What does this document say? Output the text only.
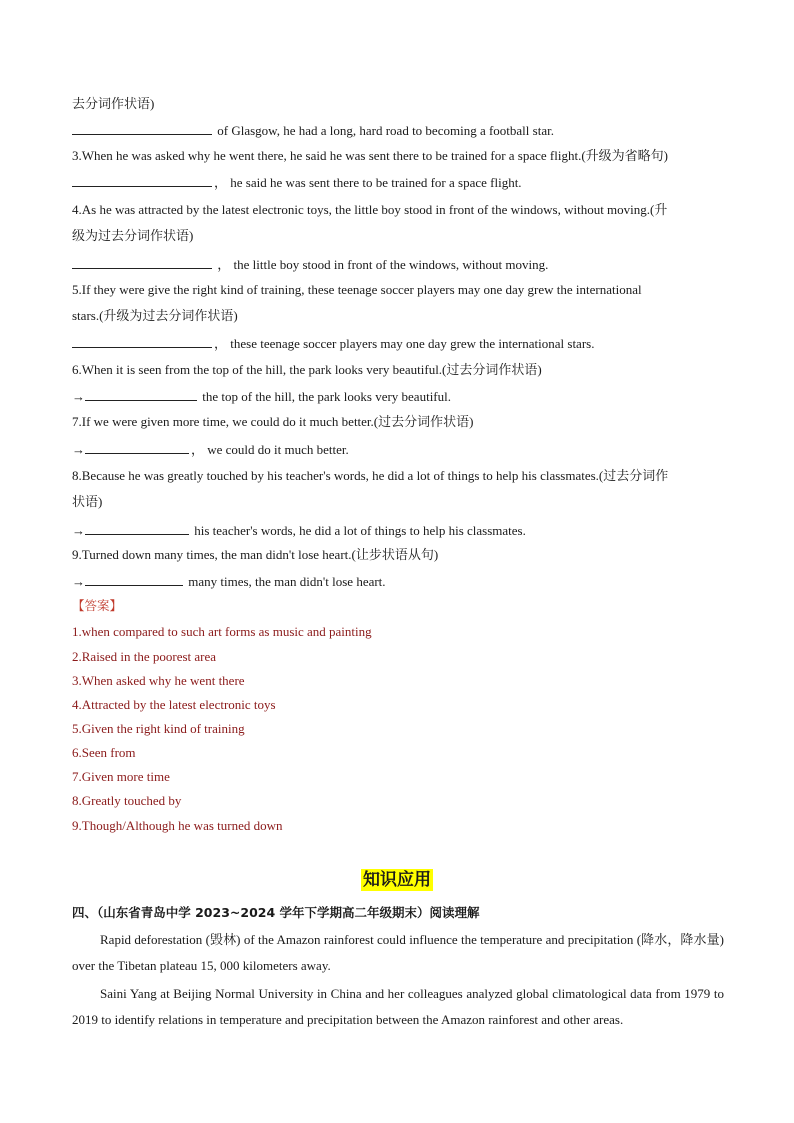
去分词作状语)
of Glasgow, he had a long, hard road to becoming a football star.
3.When he was asked why he went there, he said he was sent there to be trained for a space flight.(升级为省略句)
， he said he was sent there to be trained for a space flight.
4.As he was attracted by the latest electronic toys, the little boy stood in front of the windows, without moving.(升
级为过去分词作状语)
， the little boy stood in front of the windows, without moving.
5.If they were give the right kind of training, these teenage soccer players may one day grew the international
stars.(升级为过去分词作状语)
， these teenage soccer players may one day grew the international stars.
6.When it is seen from the top of the hill, the park looks very beautiful.(过去分词作状语)
→	the top of the hill, the park looks very beautiful.
7.If we were given more time, we could do it much better.(过去分词作状语)
→	， we could do it much better.
8.Because he was greatly touched by his teacher's words, he did a lot of things to help his classmates.(过去分词作
状语)
→	his teacher's words, he did a lot of things to help his classmates.
9.Turned down many times, the man didn't lose heart.(让步状语从句)
→	many times, the man didn't lose heart.
【答案】
1.when compared to such art forms as music and painting
2.Raised in the poorest area
3.When asked why he went there
4.Attracted by the latest electronic toys
5.Given the right kind of training
6.Seen from
7.Given more time
8.Greatly touched by
9.Though/Although he was turned down
知识应用
四、（山东省青岛中学 2023~2024 学年下学期高二年级期末）阅读理解
Rapid deforestation (毁林) of the Amazon rainforest could influence the temperature and precipitation (降水，降水量) over the Tibetan plateau 15, 000 kilometers away.
Saini Yang at Beijing Normal University in China and her colleagues analyzed global climatological data from 1979 to 2019 to identify relations in temperature and precipitation between the Amazon rainforest and other areas.
